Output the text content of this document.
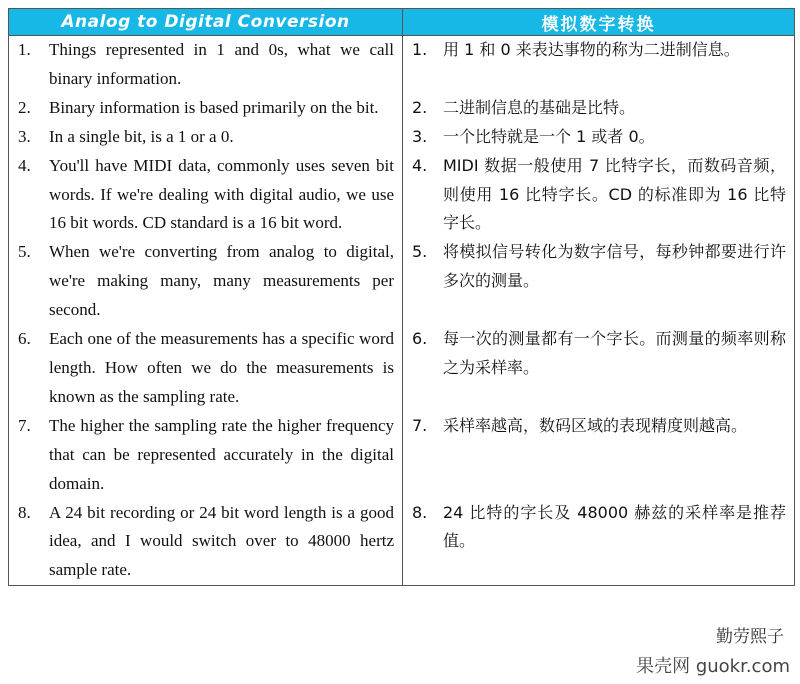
Analog to Digital Conversion	模拟数字转换

1. Things represented in 1 and 0s, what we call binary information.	1. 用 1 和 0 来表达事物的称为二进制信息。

2. Binary information is based primarily on the bit.	2. 二进制信息的基础是比特。

3. In a single bit, is a 1 or a 0.	3. 一个比特就是一个 1 或者 0。

4. You'll have MIDI data, commonly uses seven bit words. If we're dealing with digital audio, we use 16 bit words. CD standard is a 16 bit word.	4. MIDI 数据一般使用 7 比特字长，而数码音频，则使用 16 比特字长。CD 的标准即为 16 比特字长。

5. When we're converting from analog to digital, we're making many, many measurements per second.	5. 将模拟信号转化为数字信号，每秒钟都要进行许多次的测量。

6. Each one of the measurements has a specific word length. How often we do the measurements is known as the sampling rate.	6. 每一次的测量都有一个字长。而测量的频率则称之为采样率。

7. The higher the sampling rate the higher frequency that can be represented accurately in the digital domain.	7. 采样率越高，数码区域的表现精度则越高。

8. A 24 bit recording or 24 bit word length is a good idea, and I would switch over to 48000 hertz sample rate.	8. 24 比特的字长及 48000 赫兹的采样率是推荐值。
勤劳熙子
果壳网 guokr.com
